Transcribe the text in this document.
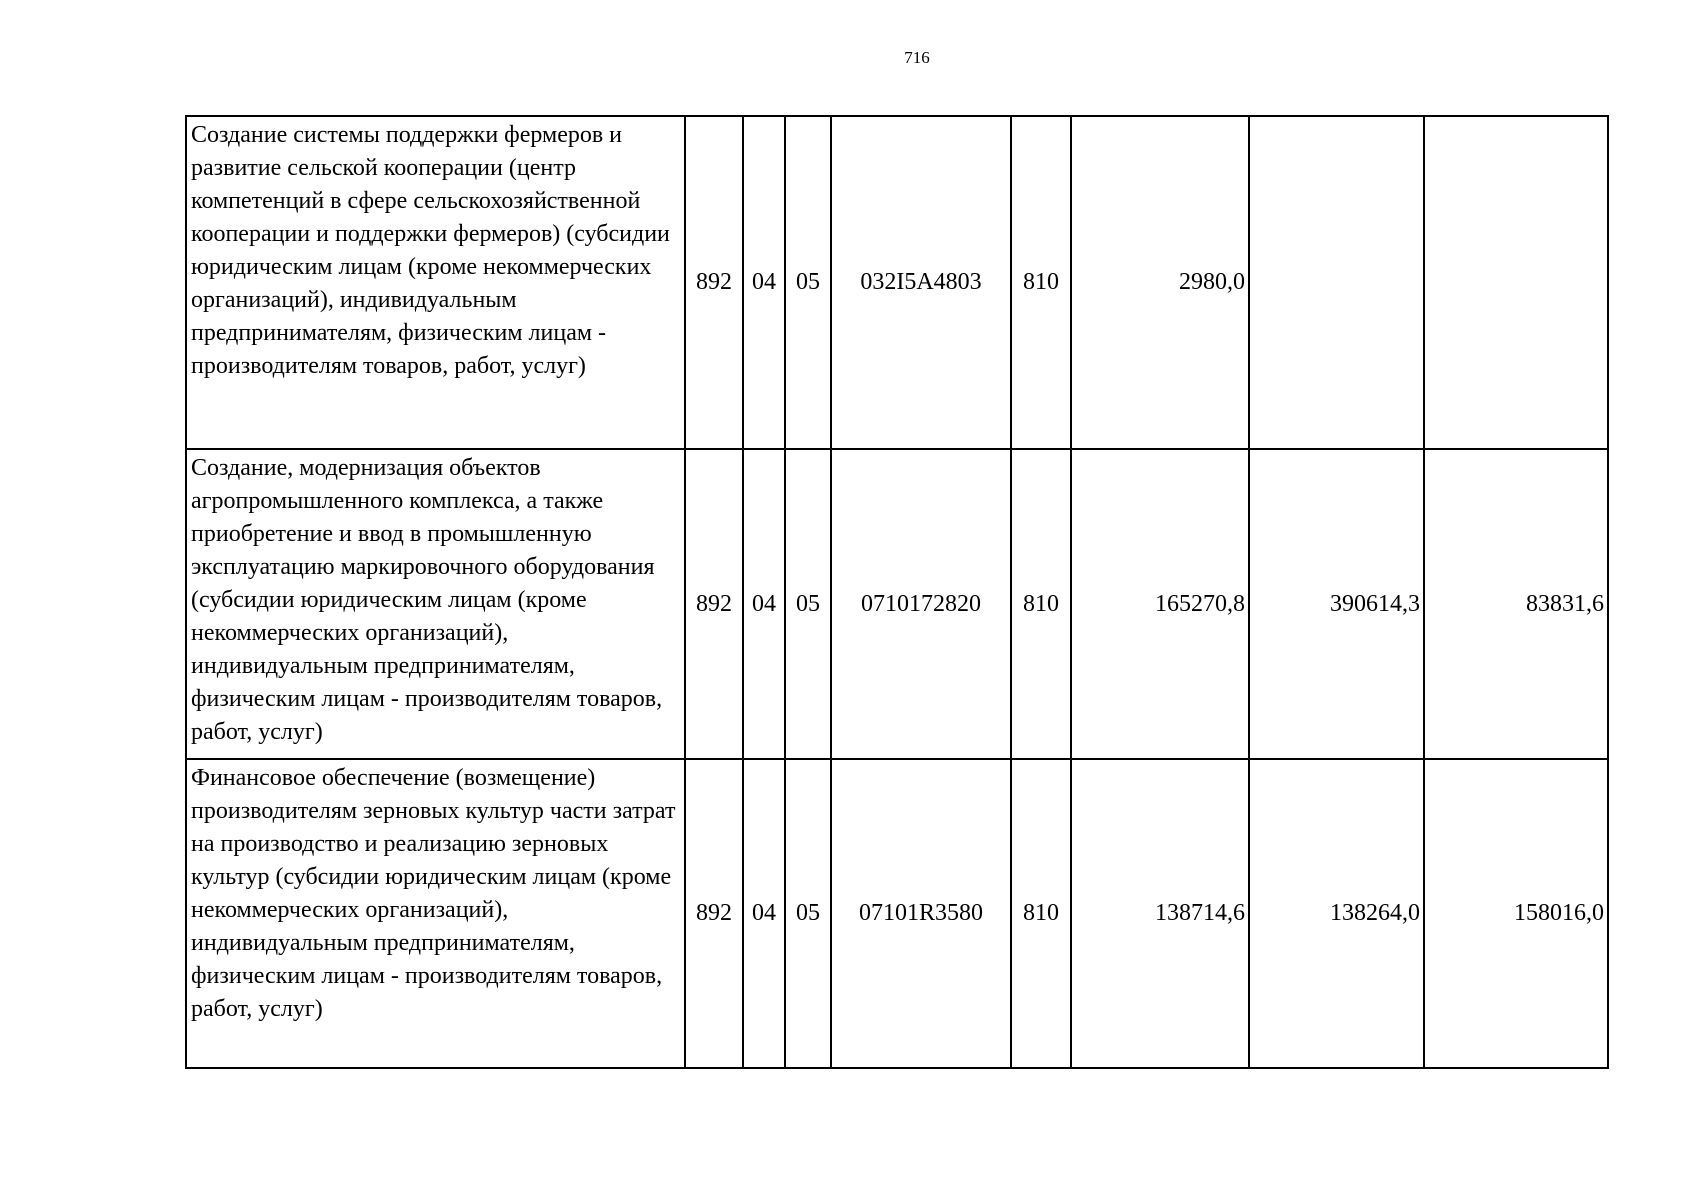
716
Создание системы поддержки фермеров и развитие сельской кооперации (центр компетенций в сфере сельскохозяйственной кооперации и поддержки фермеров) (субсидии юридическим лицам (кроме некоммерческих организаций), индивидуальным предпринимателям, физическим лицам - производителям товаров, работ, услуг)	892	04	05	032I5A4803	810	2980,0		
Создание, модернизация объектов агропромышленного комплекса, а также приобретение и ввод в промышленную эксплуатацию маркировочного оборудования (субсидии юридическим лицам (кроме некоммерческих организаций), индивидуальным предпринимателям, физическим лицам - производителям товаров, работ, услуг)	892	04	05	0710172820	810	165270,8	390614,3	83831,6
Финансовое обеспечение (возмещение) производителям зерновых культур части затрат на производство и реализацию зерновых культур (субсидии юридическим лицам (кроме некоммерческих организаций), индивидуальным предпринимателям, физическим лицам - производителям товаров, работ, услуг)	892	04	05	07101R3580	810	138714,6	138264,0	158016,0
